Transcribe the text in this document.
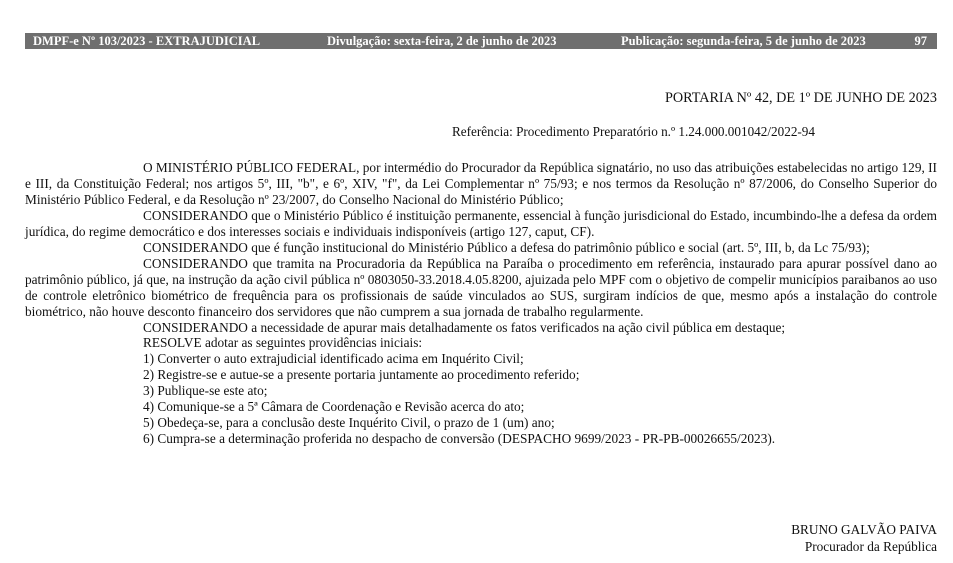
DMPF-e Nº 103/2023 - EXTRAJUDICIAL	Divulgação: sexta-feira, 2 de junho de 2023	Publicação: segunda-feira, 5 de junho de 2023	97
PORTARIA Nº 42, DE 1º DE JUNHO DE 2023
Referência: Procedimento Preparatório n.º 1.24.000.001042/2022-94

O MINISTÉRIO PÚBLICO FEDERAL, por intermédio do Procurador da República signatário, no uso das atribuições estabelecidas no artigo 129, II e III, da Constituição Federal; nos artigos 5º, III, "b", e 6º, XIV, "f", da Lei Complementar nº 75/93; e nos termos da Resolução nº 87/2006, do Conselho Superior do Ministério Público Federal, e da Resolução nº 23/2007, do Conselho Nacional do Ministério Público;

CONSIDERANDO que o Ministério Público é instituição permanente, essencial à função jurisdicional do Estado, incumbindo-lhe a defesa da ordem jurídica, do regime democrático e dos interesses sociais e individuais indisponíveis (artigo 127, caput, CF).

CONSIDERANDO que é função institucional do Ministério Público a defesa do patrimônio público e social (art. 5º, III, b, da Lc 75/93);

CONSIDERANDO que tramita na Procuradoria da República na Paraíba o procedimento em referência, instaurado para apurar possível dano ao patrimônio público, já que, na instrução da ação civil pública nº 0803050-33.2018.4.05.8200, ajuizada pelo MPF com o objetivo de compelir municípios paraibanos ao uso de controle eletrônico biométrico de frequência para os profissionais de saúde vinculados ao SUS, surgiram indícios de que, mesmo após a instalação do controle biométrico, não houve desconto financeiro dos servidores que não cumprem a sua jornada de trabalho regularmente.

CONSIDERANDO a necessidade de apurar mais detalhadamente os fatos verificados na ação civil pública em destaque;

RESOLVE adotar as seguintes providências iniciais:

1) Converter o auto extrajudicial identificado acima em Inquérito Civil;

2) Registre-se e autue-se a presente portaria juntamente ao procedimento referido;

3) Publique-se este ato;

4) Comunique-se a 5ª Câmara de Coordenação e Revisão acerca do ato;

5) Obedeça-se, para a conclusão deste Inquérito Civil, o prazo de 1 (um) ano;

6) Cumpra-se a determinação proferida no despacho de conversão (DESPACHO 9699/2023 - PR-PB-00026655/2023).

BRUNO GALVÃO PAIVA
Procurador da República
